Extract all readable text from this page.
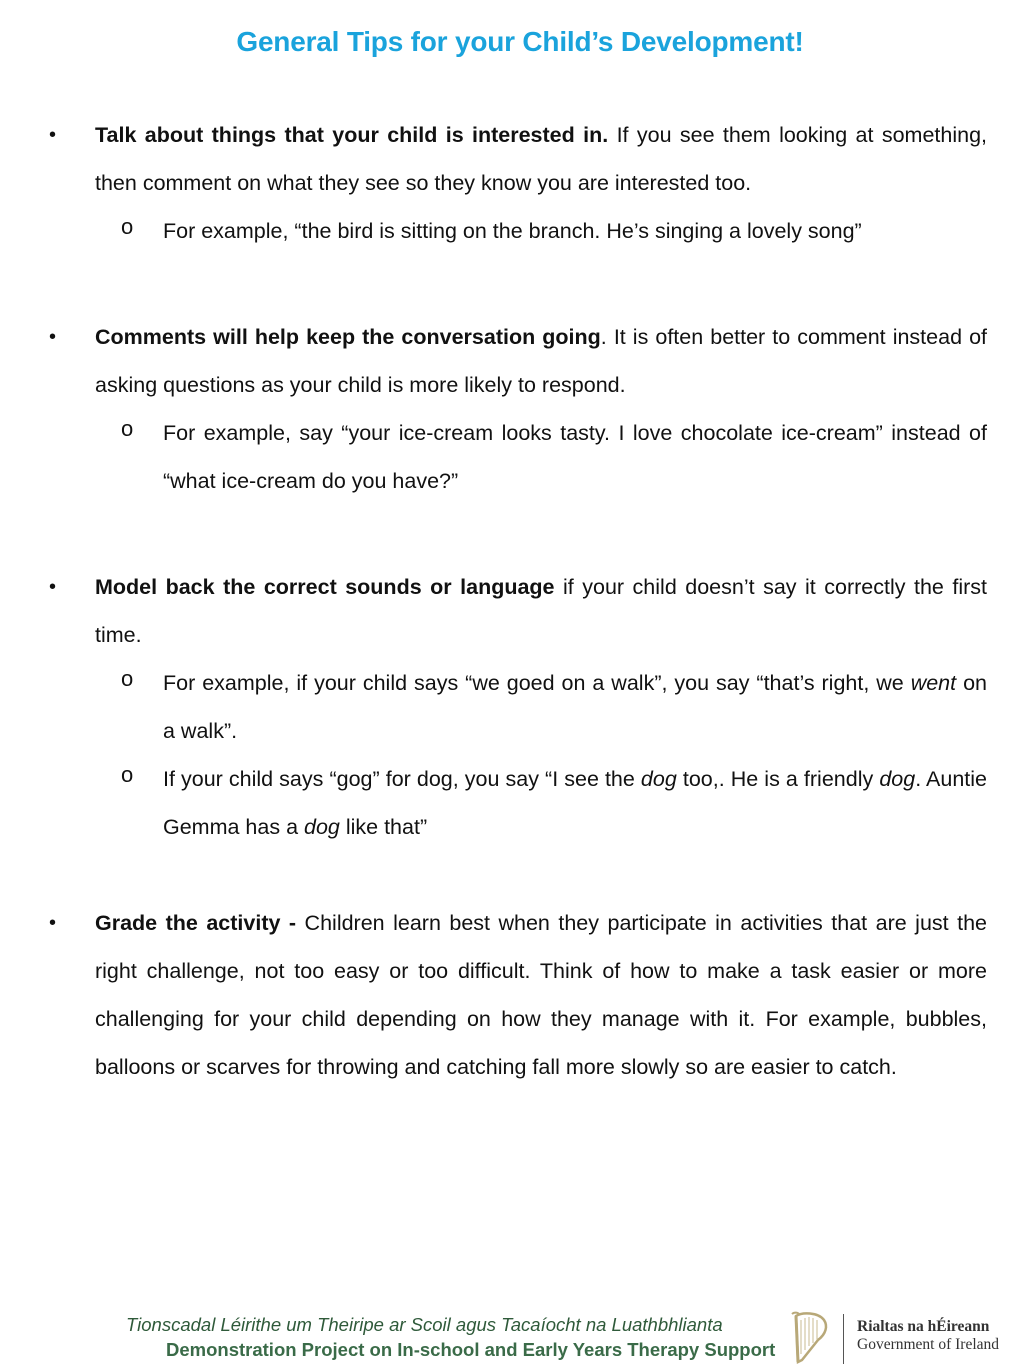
General Tips for your Child’s Development!
• Talk about things that your child is interested in. If you see them looking at something, then comment on what they see so they know you are interested too.
o For example, “the bird is sitting on the branch. He’s singing a lovely song”
• Comments will help keep the conversation going. It is often better to comment instead of asking questions as your child is more likely to respond.
o For example, say “your ice-cream looks tasty. I love chocolate ice-cream” instead of “what ice-cream do you have?”
• Model back the correct sounds or language if your child doesn’t say it correctly the first time.
o For example, if your child says “we goed on a walk”, you say “that’s right, we went on a walk”.
o If your child says “gog” for dog, you say “I see the dog too,. He is a friendly dog. Auntie Gemma has a dog like that”
• Grade the activity - Children learn best when they participate in activities that are just the right challenge, not too easy or too difficult. Think of how to make a task easier or more challenging for your child depending on how they manage with it. For example, bubbles, balloons or scarves for throwing and catching fall more slowly so are easier to catch.
Tionscadal Léirithe um Theiripe ar Scoil agus Tacaíocht na Luathbhlianta
Demonstration Project on In-school and Early Years Therapy Support
Rialtas na hÉireann
Government of Ireland
